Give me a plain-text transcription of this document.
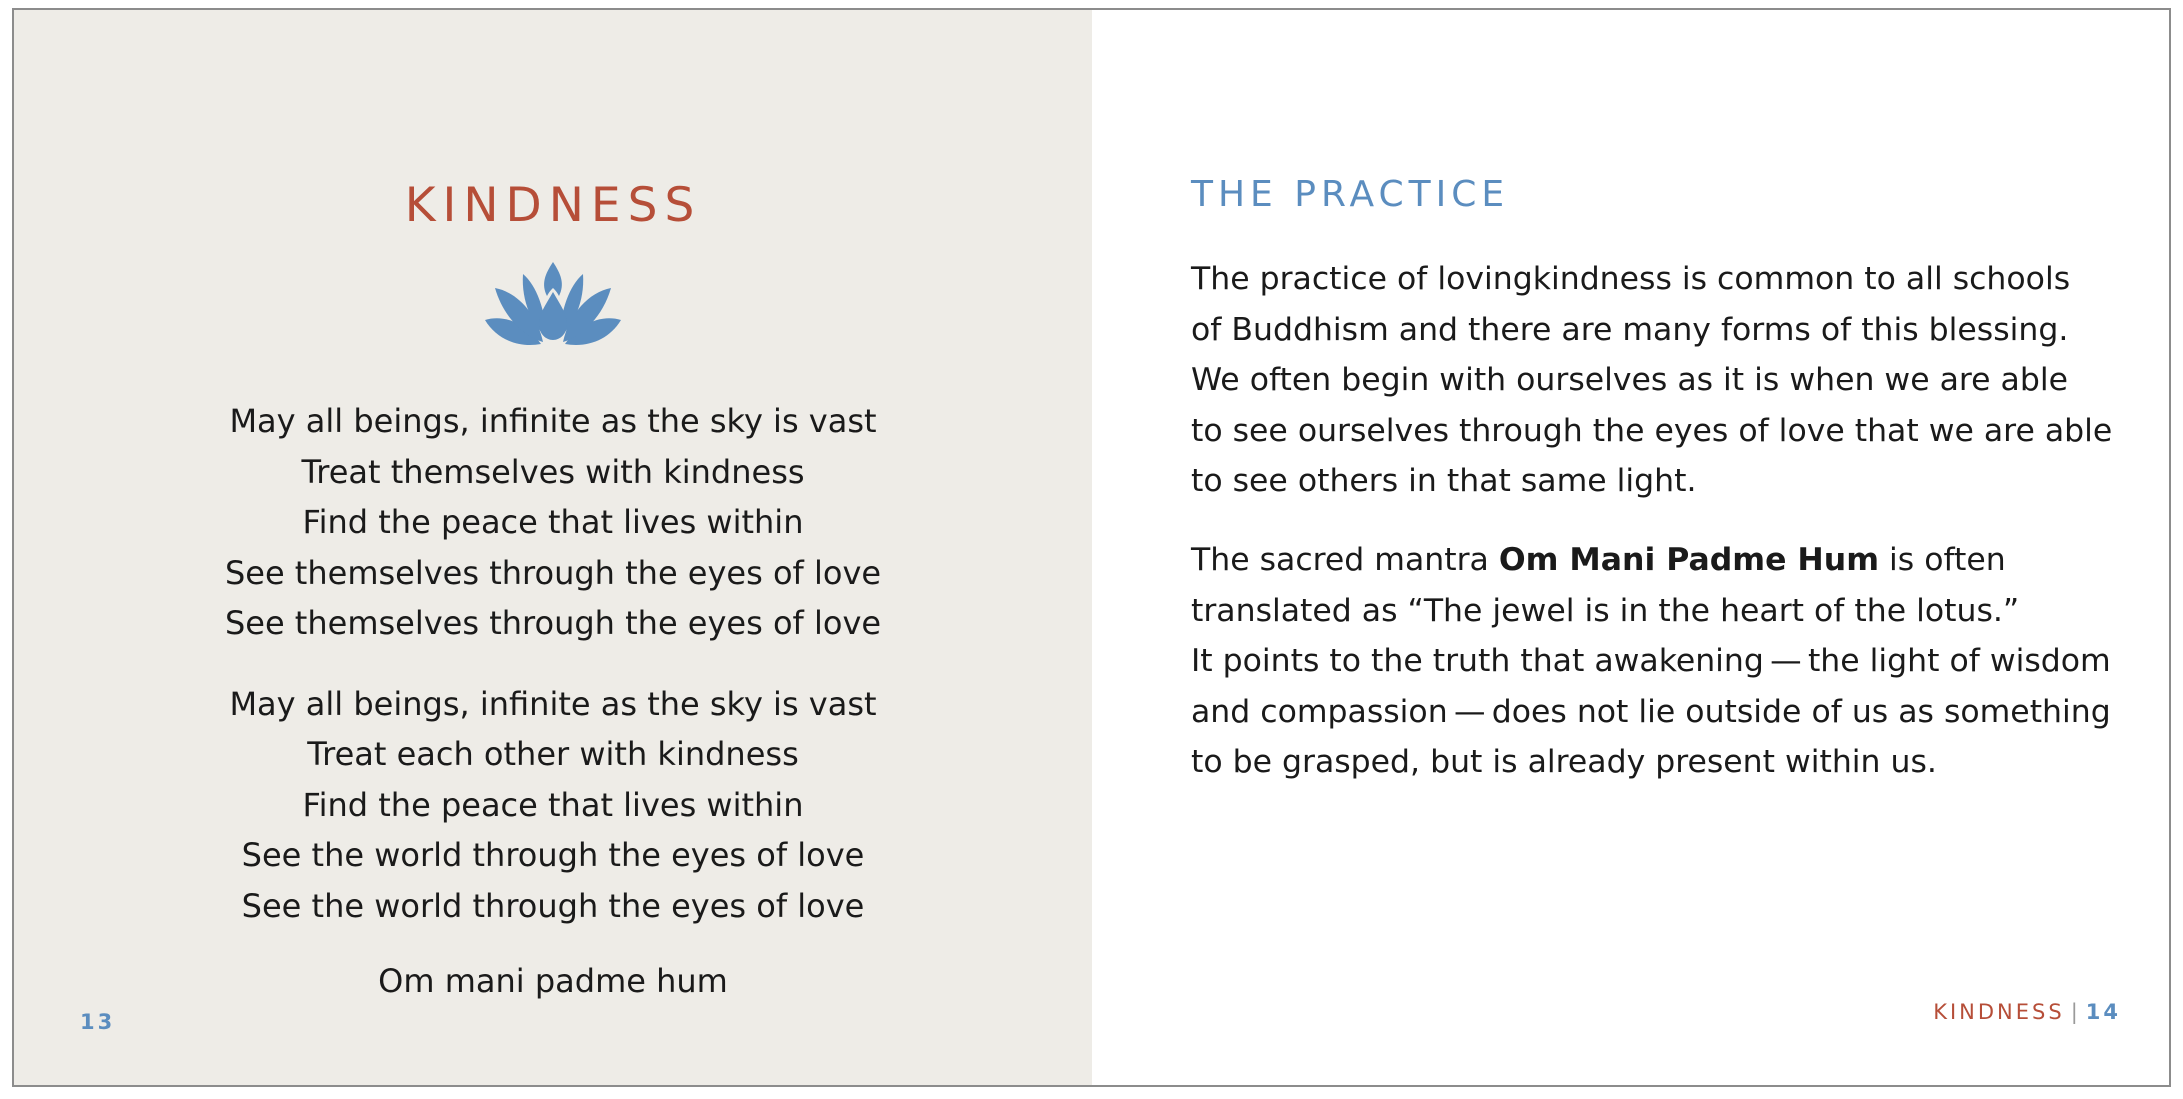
KINDNESS
May all beings, infinite as the sky is vast
Treat themselves with kindness
Find the peace that lives within
See themselves through the eyes of love
See themselves through the eyes of love
May all beings, infinite as the sky is vast
Treat each other with kindness
Find the peace that lives within
See the world through the eyes of love
See the world through the eyes of love
Om mani padme hum
13
THE PRACTICE
The practice of lovingkindness is common to all schools
of Buddhism and there are many forms of this blessing.
We often begin with ourselves as it is when we are able
to see ourselves through the eyes of love that we are able
to see others in that same light.
The sacred mantra Om Mani Padme Hum is often
translated as “The jewel is in the heart of the lotus.”
It points to the truth that awakening — the light of wisdom
and compassion — does not lie outside of us as something
to be grasped, but is already present within us.
KINDNESS | 14
